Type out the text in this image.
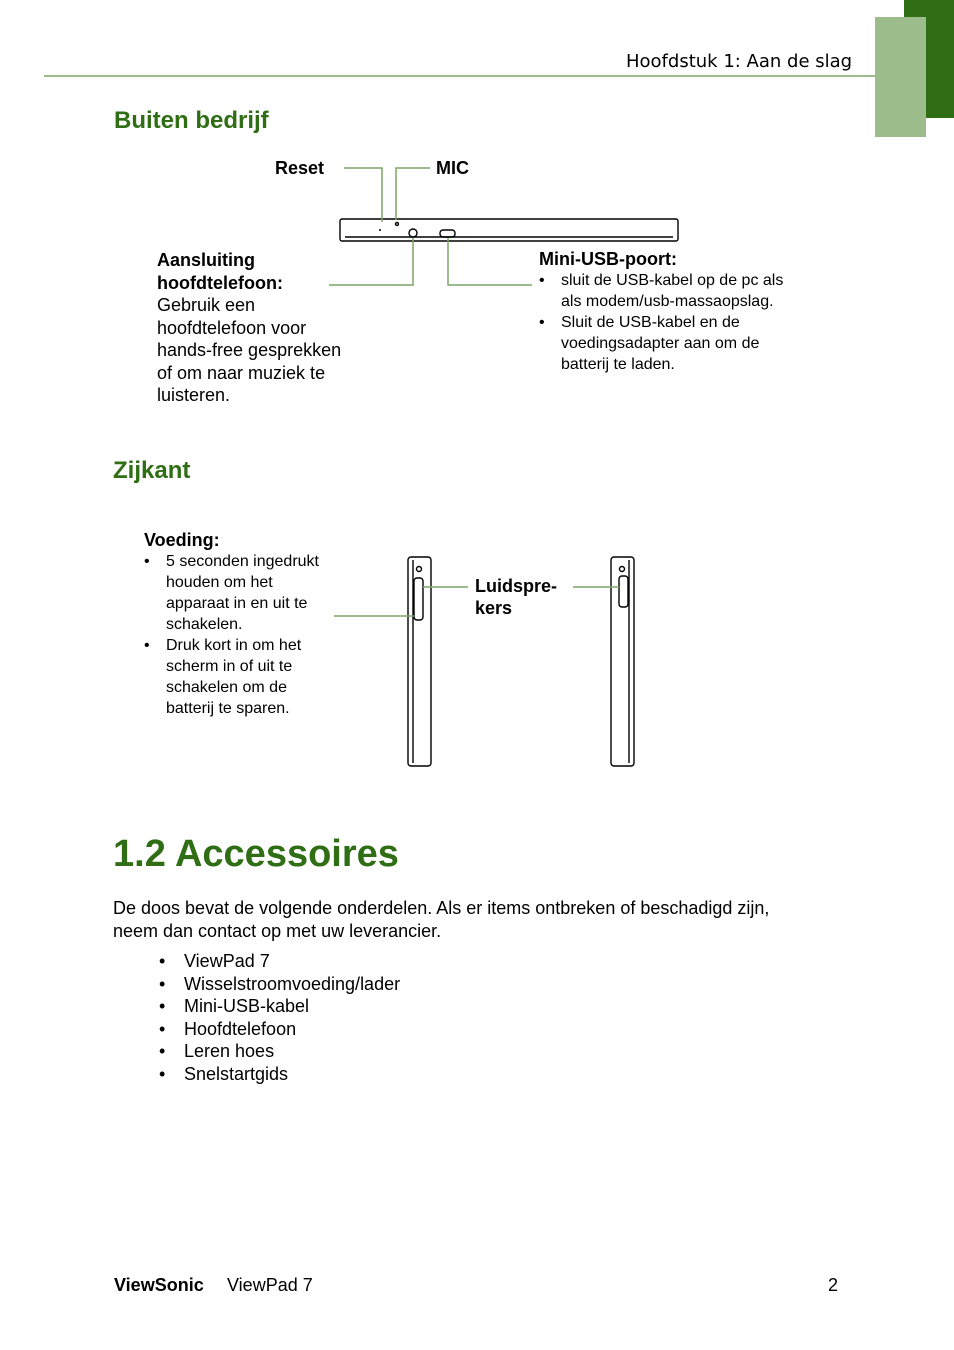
Hoofdstuk 1: Aan de slag
Buiten bedrijf
Reset	MIC
Aansluiting
hoofdtelefoon:
Gebruik een
hoofdtelefoon voor
hands-free gesprekken
of om naar muziek te
luisteren.
Mini-USB-poort:
• sluit de USB-kabel op de pc als
als modem/usb-massaopslag.
• Sluit de USB-kabel en de
voedingsadapter aan om de
batterij te laden.
Zijkant
Voeding:
• 5 seconden ingedrukt
houden om het
apparaat in en uit te
schakelen.
• Druk kort in om het
scherm in of uit te
schakelen om de
batterij te sparen.
Luidspre-
kers
1.2 Accessoires
De doos bevat de volgende onderdelen. Als er items ontbreken of beschadigd zijn,
neem dan contact op met uw leverancier.
• ViewPad 7
• Wisselstroomvoeding/lader
• Mini-USB-kabel
• Hoofdtelefoon
• Leren hoes
• Snelstartgids
ViewSonic ViewPad 7	2
